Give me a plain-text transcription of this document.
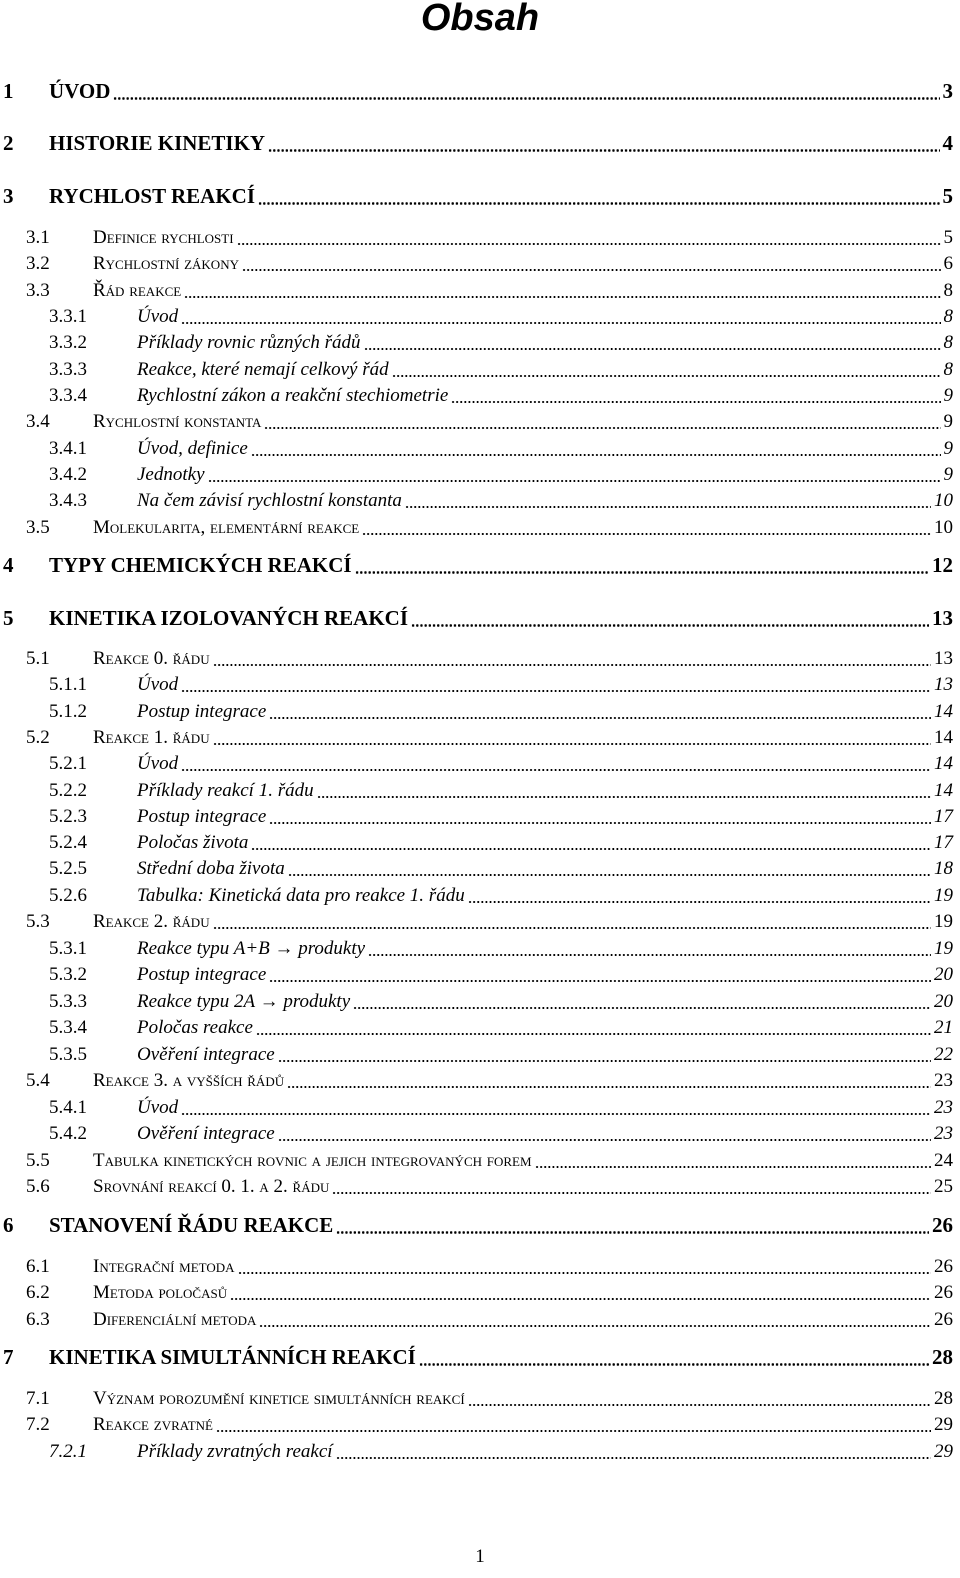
Obsah
1 ÚVOD	3
2 HISTORIE KINETIKY	4
3 RYCHLOST REAKCÍ	5
3.1 Definice rychlosti	5
3.2 Rychlostní zákony	6
3.3 Řád reakce	8
3.3.1	Úvod	8
3.3.2	Příklady rovnic různých řádů	8
3.3.3	Reakce, které nemají celkový řád	8
3.3.4	Rychlostní zákon a reakční stechiometrie	9
3.4 Rychlostní konstanta	9
3.4.1	Úvod, definice	9
3.4.2	Jednotky	9
3.4.3	Na čem závisí rychlostní konstanta	10
3.5 Molekularita, elementární reakce	10
4 TYPY CHEMICKÝCH REAKCÍ	12
5 KINETIKA IZOLOVANÝCH REAKCÍ	13
5.1 Reakce 0. řádu	13
5.1.1	Úvod	13
5.1.2	Postup integrace	14
5.2 Reakce 1. řádu	14
5.2.1	Úvod	14
5.2.2	Příklady reakcí 1. řádu	14
5.2.3	Postup integrace	17
5.2.4	Poločas života	17
5.2.5	Střední doba života	18
5.2.6	Tabulka: Kinetická data pro reakce 1. řádu	19
5.3 Reakce 2. řádu	19
5.3.1	Reakce typu A+B → produkty	19
5.3.2	Postup integrace	20
5.3.3	Reakce typu 2A → produkty	20
5.3.4	Poločas reakce	21
5.3.5	Ověření integrace	22
5.4 Reakce 3. a vyšších řádů	23
5.4.1	Úvod	23
5.4.2	Ověření integrace	23
5.5 Tabulka kinetických rovnic a jejich integrovaných forem	24
5.6 Srovnání reakcí 0. 1. a 2. řádu	25
6 STANOVENÍ ŘÁDU REAKCE	26
6.1 Integrační metoda	26
6.2 Metoda poločasů	26
6.3 Diferenciální metoda	26
7 KINETIKA SIMULTÁNNÍCH REAKCÍ	28
7.1 Význam porozumění kinetice simultánních reakcí	28
7.2 Reakce zvratné	29
7.2.1	Příklady zvratných reakcí	29
1
